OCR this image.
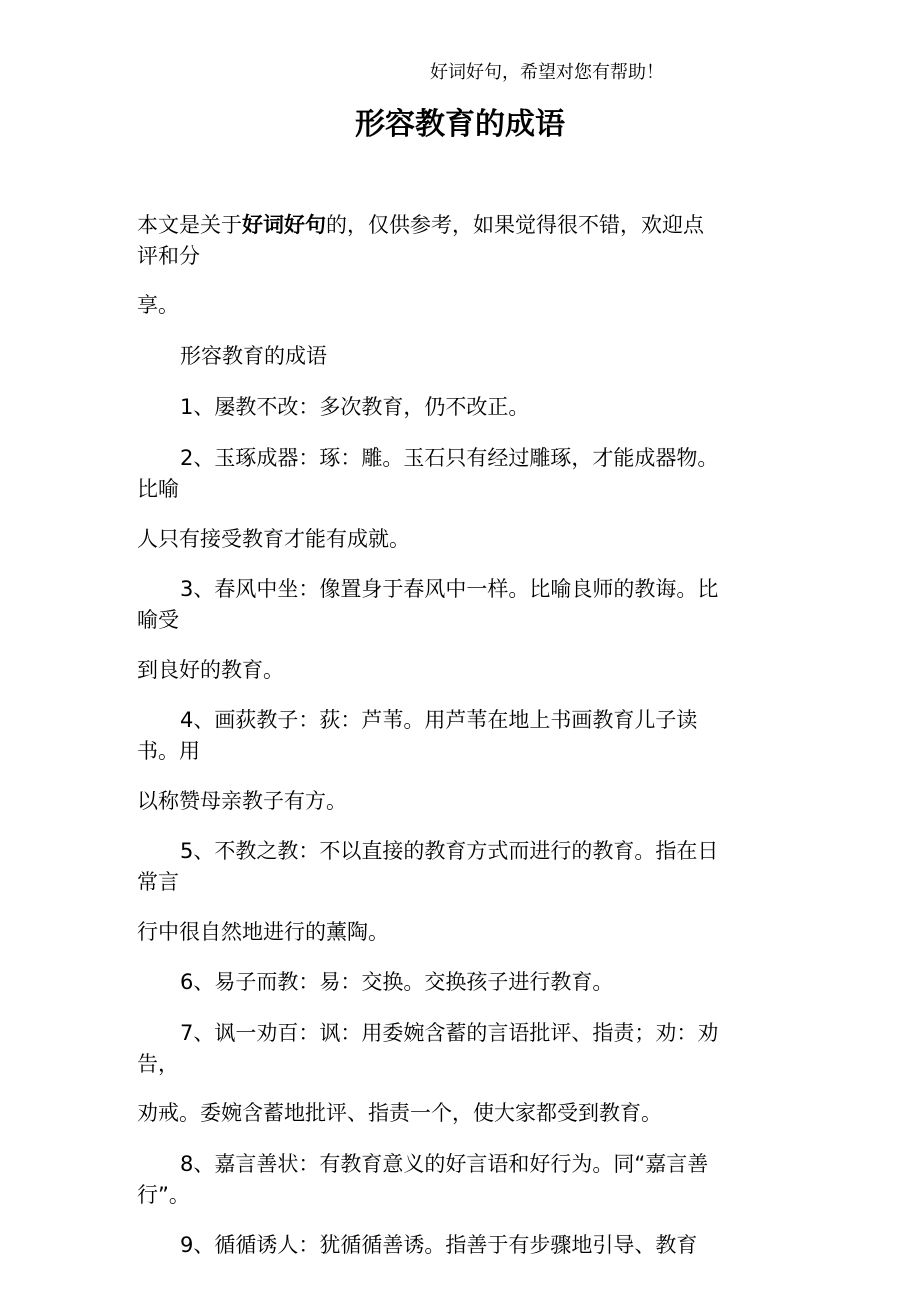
好词好句，希望对您有帮助！
形容教育的成语
本文是关于好词好句的，仅供参考，如果觉得很不错，欢迎点
评和分
享。
形容教育的成语
1、屡教不改：多次教育，仍不改正。
2、玉琢成器：琢：雕。玉石只有经过雕琢，才能成器物。
比喻
人只有接受教育才能有成就。
3、春风中坐：像置身于春风中一样。比喻良师的教诲。比
喻受
到良好的教育。
4、画荻教子：荻：芦苇。用芦苇在地上书画教育儿子读
书。用
以称赞母亲教子有方。
5、不教之教：不以直接的教育方式而进行的教育。指在日
常言
行中很自然地进行的薰陶。
6、易子而教：易：交换。交换孩子进行教育。
7、讽一劝百：讽：用委婉含蓄的言语批评、指责；劝：劝
告，
劝戒。委婉含蓄地批评、指责一个，使大家都受到教育。
8、嘉言善状：有教育意义的好言语和好行为。同“嘉言善
行”。
9、循循诱人：犹循循善诱。指善于有步骤地引导、教育
